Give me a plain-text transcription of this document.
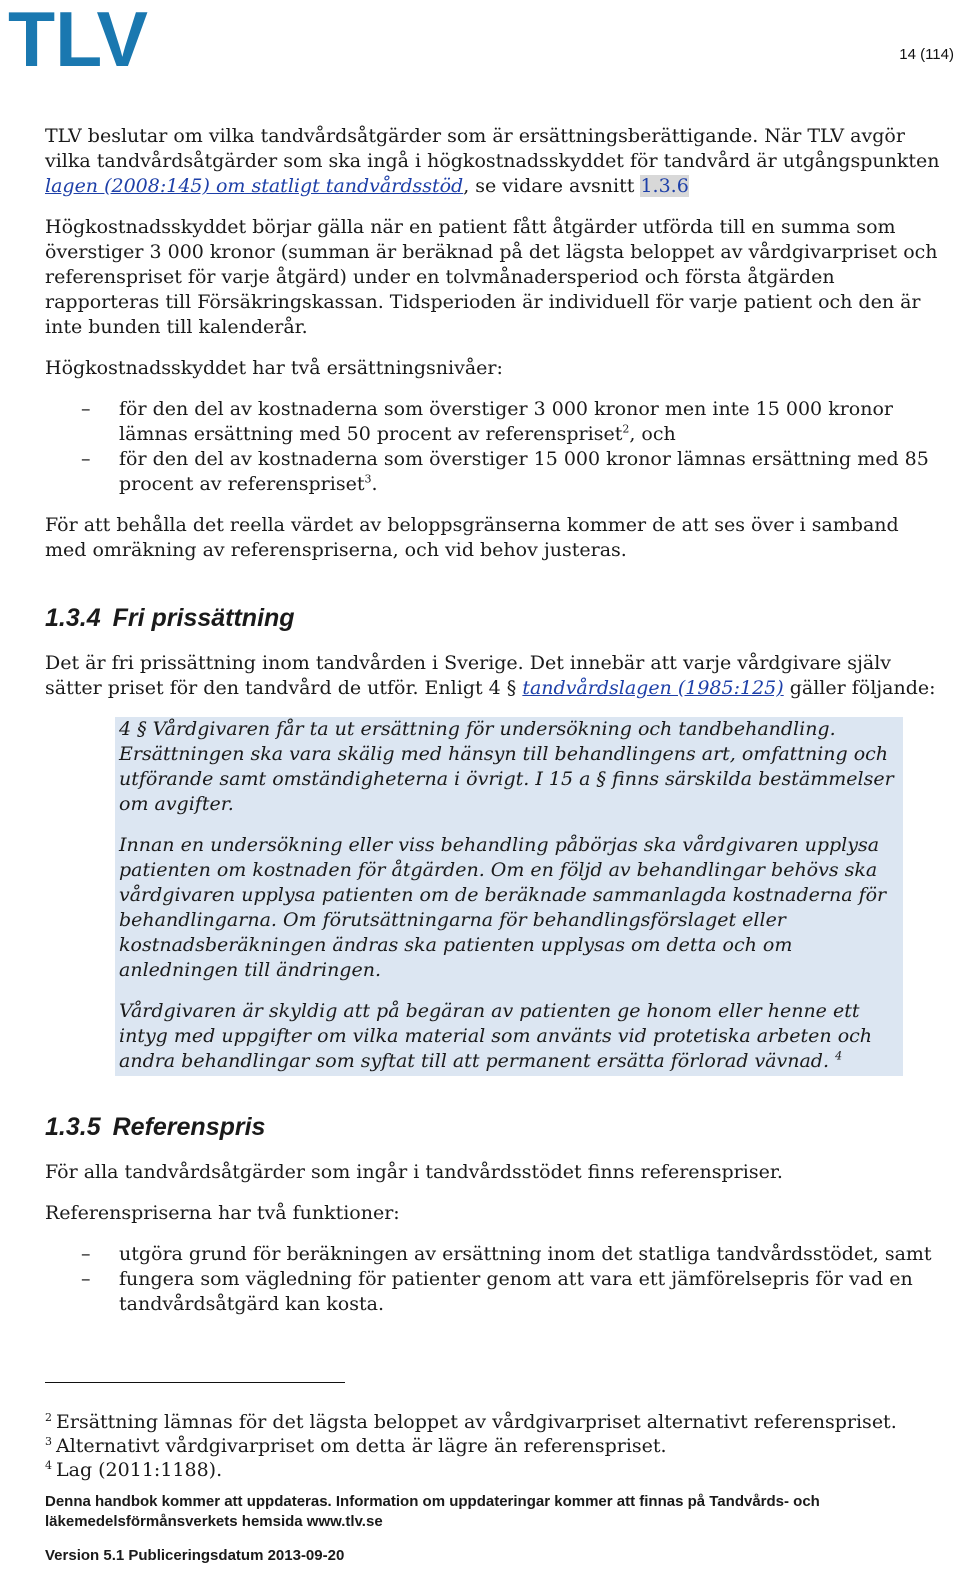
TLV	14 (114)

TLV beslutar om vilka tandvårdsåtgärder som är ersättningsberättigande. När TLV avgör vilka tandvårdsåtgärder som ska ingå i högkostnadsskyddet för tandvård är utgångspunkten lagen (2008:145) om statligt tandvårdsstöd, se vidare avsnitt 1.3.6

Högkostnadsskyddet börjar gälla när en patient fått åtgärder utförda till en summa som överstiger 3 000 kronor (summan är beräknad på det lägsta beloppet av vårdgivarpriset och referenspriset för varje åtgärd) under en tolvmånadersperiod och första åtgärden rapporteras till Försäkringskassan. Tidsperioden är individuell för varje patient och den är inte bunden till kalenderår.

Högkostnadsskyddet har två ersättningsnivåer:

– för den del av kostnaderna som överstiger 3 000 kronor men inte 15 000 kronor lämnas ersättning med 50 procent av referenspriset$^2$, och
– för den del av kostnaderna som överstiger 15 000 kronor lämnas ersättning med 85 procent av referenspriset$^3$.

För att behålla det reella värdet av beloppsgränserna kommer de att ses över i samband med omräkning av referenspriserna, och vid behov justeras.

1.3.4 Fri prissättning

Det är fri prissättning inom tandvården i Sverige. Det innebär att varje vårdgivare själv sätter priset för den tandvård de utför. Enligt 4 § tandvårdslagen (1985:125) gäller följande:

4 § Vårdgivaren får ta ut ersättning för undersökning och tandbehandling. Ersättningen ska vara skälig med hänsyn till behandlingens art, omfattning och utförande samt omständigheterna i övrigt. I 15 a § finns särskilda bestämmelser om avgifter.

Innan en undersökning eller viss behandling påbörjas ska vårdgivaren upplysa patienten om kostnaden för åtgärden. Om en följd av behandlingar behövs ska vårdgivaren upplysa patienten om de beräknade sammanlagda kostnaderna för behandlingarna. Om förutsättningarna för behandlingsförslaget eller kostnadsberäkningen ändras ska patienten upplysas om detta och om anledningen till ändringen.

Vårdgivaren är skyldig att på begäran av patienten ge honom eller henne ett intyg med uppgifter om vilka material som använts vid protetiska arbeten och andra behandlingar som syftat till att permanent ersätta förlorad vävnad. $^4$

1.3.5 Referenspris

För alla tandvårdsåtgärder som ingår i tandvårdsstödet finns referenspriser.

Referenspriserna har två funktioner:

– utgöra grund för beräkningen av ersättning inom det statliga tandvårdsstödet, samt
– fungera som vägledning för patienter genom att vara ett jämförelsepris för vad en tandvårdsåtgärd kan kosta.
$^2$ Ersättning lämnas för det lägsta beloppet av vårdgivarpriset alternativt referenspriset.
$^3$ Alternativt vårdgivarpriset om detta är lägre än referenspriset.
$^4$ Lag (2011:1188).
Denna handbok kommer att uppdateras. Information om uppdateringar kommer att finnas på Tandvårds- och läkemedelsförmånsverkets hemsida www.tlv.se
Version 5.1 Publiceringsdatum 2013-09-20
